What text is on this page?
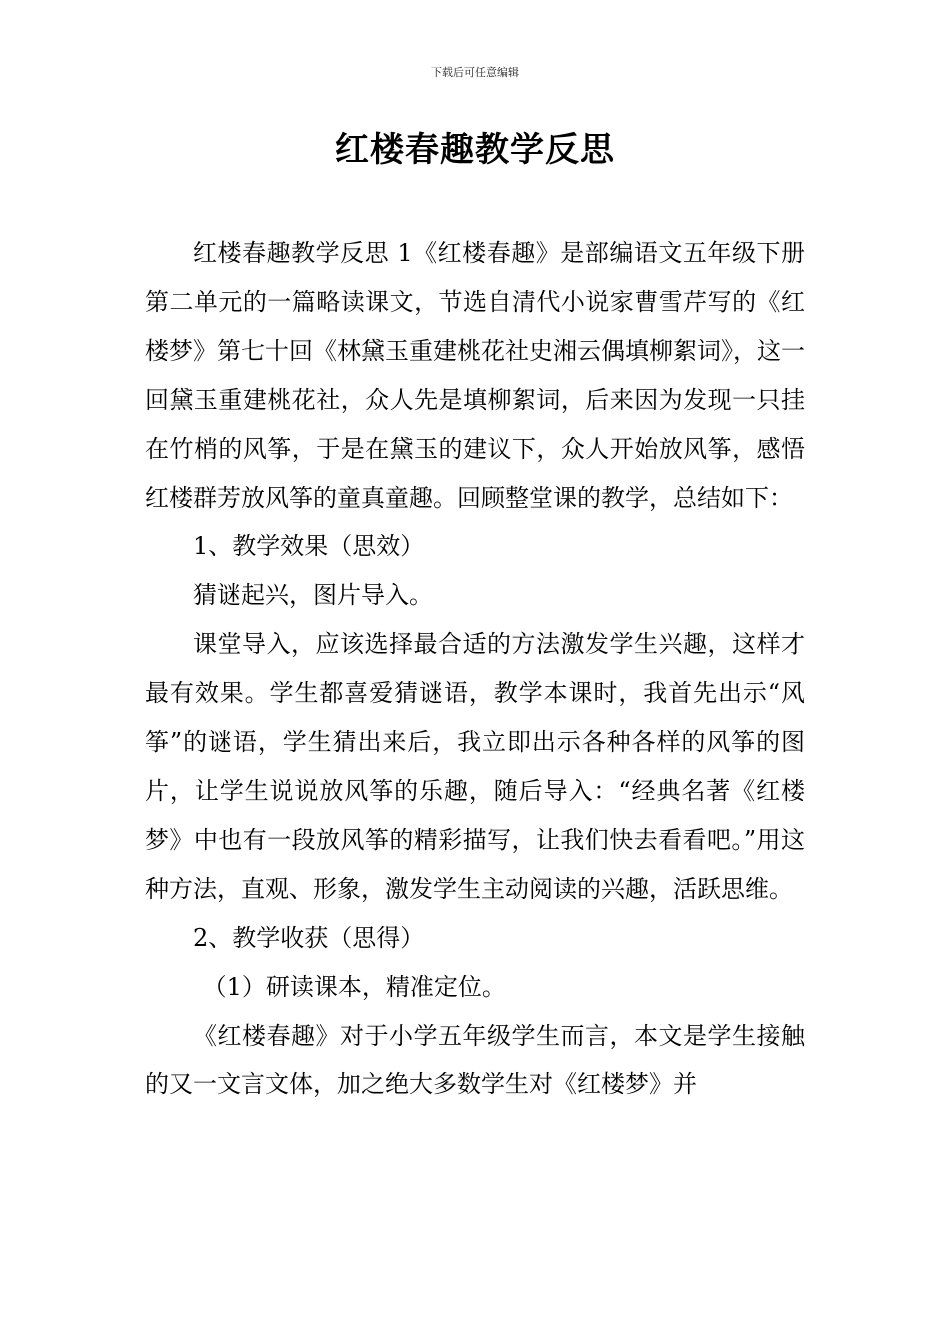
下载后可任意编辑
红楼春趣教学反思

红楼春趣教学反思 1《红楼春趣》是部编语文五年级下册第二单元的一篇略读课文，节选自清代小说家曹雪芹写的《红楼梦》第七十回《林黛玉重建桃花社史湘云偶填柳絮词》，这一回黛玉重建桃花社，众人先是填柳絮词，后来因为发现一只挂在竹梢的风筝，于是在黛玉的建议下，众人开始放风筝，感悟红楼群芳放风筝的童真童趣。回顾整堂课的教学，总结如下：

1、教学效果（思效）

猜谜起兴，图片导入。

课堂导入，应该选择最合适的方法激发学生兴趣，这样才最有效果。学生都喜爱猜谜语，教学本课时，我首先出示“风筝”的谜语，学生猜出来后，我立即出示各种各样的风筝的图片，让学生说说放风筝的乐趣，随后导入：“经典名著《红楼梦》中也有一段放风筝的精彩描写，让我们快去看看吧。”用这种方法，直观、形象，激发学生主动阅读的兴趣，活跃思维。

2、教学收获（思得）

（1）研读课本，精准定位。

《红楼春趣》对于小学五年级学生而言，本文是学生接触的又一文言文体，加之绝大多数学生对《红楼梦》并
